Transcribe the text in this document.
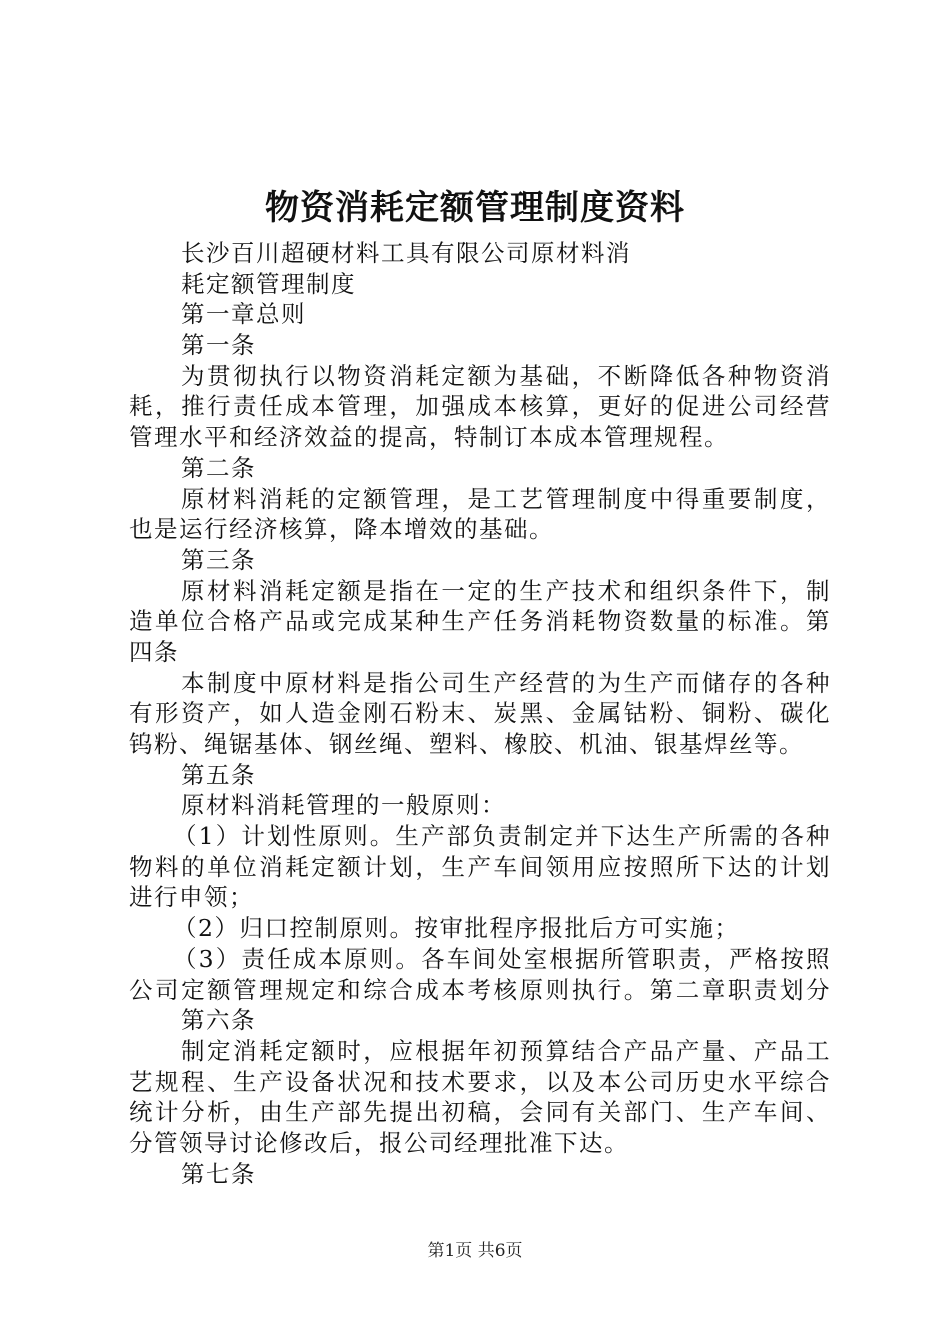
物资消耗定额管理制度资料
长沙百川超硬材料工具有限公司原材料消
耗定额管理制度
第一章总则
第一条
为贯彻执行以物资消耗定额为基础，不断降低各种物资消
耗，推行责任成本管理，加强成本核算，更好的促进公司经营
管理水平和经济效益的提高，特制订本成本管理规程。
第二条
原材料消耗的定额管理，是工艺管理制度中得重要制度，
也是运行经济核算，降本增效的基础。
第三条
原材料消耗定额是指在一定的生产技术和组织条件下，制
造单位合格产品或完成某种生产任务消耗物资数量的标准。第
四条
本制度中原材料是指公司生产经营的为生产而储存的各种
有形资产，如人造金刚石粉末、炭黑、金属钴粉、铜粉、碳化
钨粉、绳锯基体、钢丝绳、塑料、橡胶、机油、银基焊丝等。
第五条
原材料消耗管理的一般原则：
（1）计划性原则。生产部负责制定并下达生产所需的各种
物料的单位消耗定额计划，生产车间领用应按照所下达的计划
进行申领；
（2）归口控制原则。按审批程序报批后方可实施；
（3）责任成本原则。各车间处室根据所管职责，严格按照
公司定额管理规定和综合成本考核原则执行。第二章职责划分
第六条
制定消耗定额时，应根据年初预算结合产品产量、产品工
艺规程、生产设备状况和技术要求，以及本公司历史水平综合
统计分析，由生产部先提出初稿，会同有关部门、生产车间、
分管领导讨论修改后，报公司经理批准下达。
第七条
第1页 共6页
